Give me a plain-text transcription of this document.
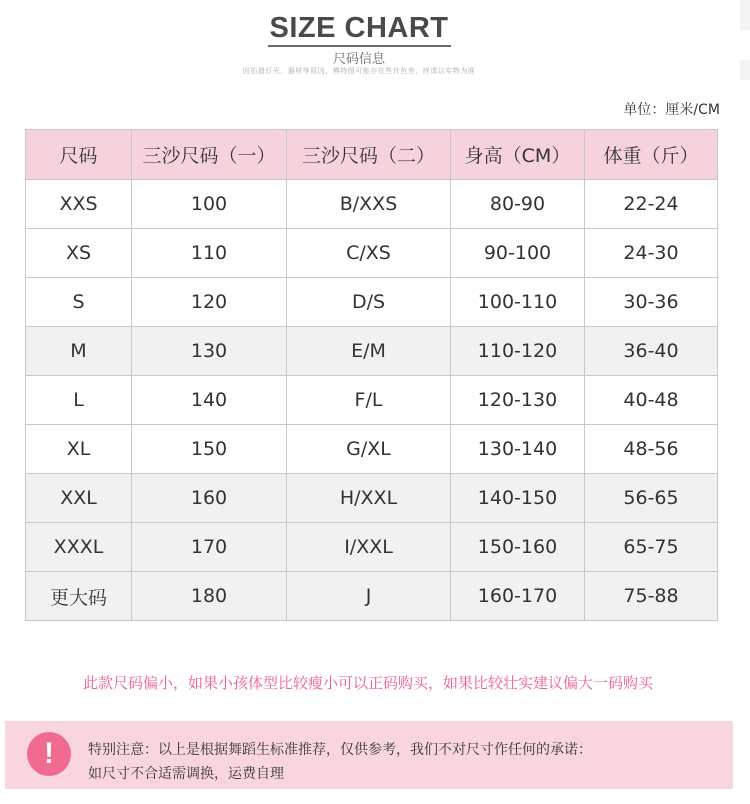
SIZE CHART
尺码信息
因拍摄灯光、器材等原因，模特图可能存在些许色差，终请以实物为准
单位：厘米/CM
尺码	三沙尺码（一）	三沙尺码（二）	身高（CM）	体重（斤）
XXS	100	B/XXS	80-90	22-24
XS	110	C/XS	90-100	24-30
S	120	D/S	100-110	30-36
M	130	E/M	110-120	36-40
L	140	F/L	120-130	40-48
XL	150	G/XL	130-140	48-56
XXL	160	H/XXL	140-150	56-65
XXXL	170	I/XXL	150-160	65-75
更大码	180	J	160-170	75-88
此款尺码偏小，如果小孩体型比较瘦小可以正码购买，如果比较壮实建议偏大一码购买
!	特别注意：以上是根据舞蹈生标准推荐，仅供参考，我们不对尺寸作任何的承诺：
如尺寸不合适需调换，运费自理
